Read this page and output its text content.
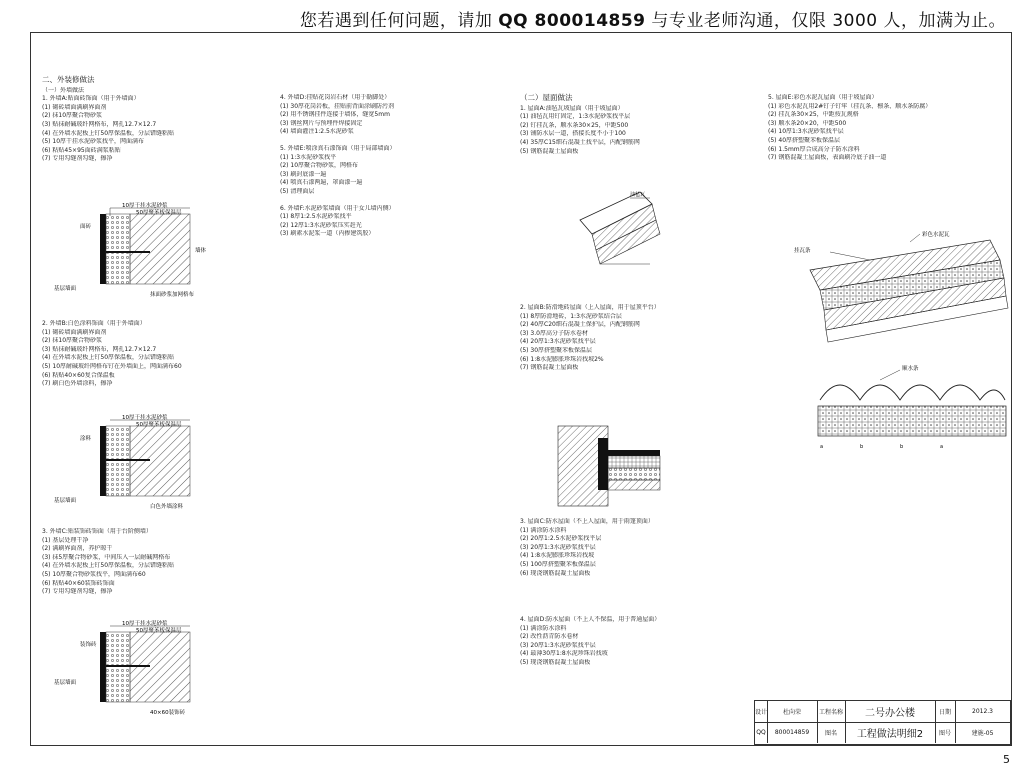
您若遇到任何问题，请加 QQ 800014859 与专业老师沟通，仅限 3000 人，加满为止。
二、外装修做法
（一）外墙做法
1. 外墙A:贴面砖饰面（用于外墙面）
(1) 砌砖墙面满刷界面剂
(2) 抹10厚聚合物砂浆
(3) 贴抹耐碱玻纤网格布，网孔12.7×12.7
(4) 在外墙水泥板上钉50厚保温板，分层错缝粘贴
(5) 10厚干挂水泥砂浆找平，网面满布
(6) 粘贴45×95面砖满浆粘贴
(7) 专用勾缝剂勾缝，擦净
2. 外墙B:白色涂料饰面（用于外墙面）
(1) 砌砖墙面满刷界面剂
(2) 抹10厚聚合物砂浆
(3) 贴抹耐碱玻纤网格布，网孔12.7×12.7
(4) 在外墙水泥板上钉50厚保温板，分层错缝粘贴
(5) 10厚耐碱玻纤网格布钉在外墙面上，网面满布60
(6) 粘贴40×60复合保温板
(7) 刷白色外墙涂料，擦净
3. 外墙C:贴装饰砖饰面（用于台阶侧墙）
(1) 基层处理干净
(2) 满刷界面剂，养护晾干
(3) 抹5厚聚合物砂浆，中间压入一层耐碱网格布
(4) 在外墙水泥板上钉50厚保温板，分层错缝粘贴
(5) 10厚聚合物砂浆找平，网面满布60
(6) 粘贴40×60装饰砖饰面
(7) 专用勾缝剂勾缝，擦净
10厚干挂水泥砂浆
50厚聚苯板保温层
抹面砂浆加网格布
面砖
基层墙面
墙体
10厚干挂水泥砂浆
50厚聚苯板保温层
白色外墙涂料
涂料
基层墙面
10厚干挂水泥砂浆
50厚聚苯板保温层
40×60装饰砖
装饰砖
基层墙面
4. 外墙D:挂贴花岗岩石材（用于勒脚处）
(1) 30厚花岗岩板，挂贴前背面涂刷防污剂
(2) 用不锈钢挂件连接于墙体，缝宽5mm
(3) 钢丝网片与预埋件焊接固定
(4) 墙面灌注1:2.5水泥砂浆
5. 外墙E:喷涂真石漆饰面（用于局部墙面）
(1) 1:3水泥砂浆找平
(2) 10厚聚合物砂浆，网格布
(3) 刷封底漆一遍
(4) 喷真石漆两遍，罩面漆一遍
(5) 清理面层
6. 外墙F:水泥砂浆墙面（用于女儿墙内侧）
(1) 8厚1:2.5水泥砂浆找平
(2) 12厚1:3水泥砂浆压实赶光
(3) 刷素水泥浆一道（内掺建筑胶）
（二）屋面做法
1. 屋面A:油毡瓦坡屋面（用于坡屋面）
(1) 油毡瓦用钉固定，1:3水泥砂浆找平层
(2) 钉挂瓦条，顺水条30×25，中距500
(3) 铺防水层一道，搭接长度不小于100
(4) 35厚C15细石混凝土找平层，内配钢筋网
(5) 钢筋混凝土屋面板
2. 屋面B:防滑地砖屋面（上人屋面，用于屋顶平台）
(1) 8厚防滑地砖，1:3水泥砂浆结合层
(2) 40厚C20细石混凝土保护层，内配钢筋网
(3) 3.0厚高分子防水卷材
(4) 20厚1:3水泥砂浆找平层
(5) 30厚挤塑聚苯板保温层
(6) 1:8水泥膨胀珍珠岩找坡2%
(7) 钢筋混凝土屋面板
3. 屋面C:防水屋面（不上人屋面，用于雨篷顶面）
(1) 满涂防水涂料
(2) 20厚1:2.5水泥砂浆找平层
(3) 20厚1:3水泥砂浆找平层
(4) 1:8水泥膨胀珍珠岩找坡
(5) 100厚挤塑聚苯板保温层
(6) 现浇钢筋混凝土屋面板
4. 屋面D:防水屋面（不上人不保温，用于普通屋面）
(1) 满涂防水涂料
(2) 改性沥青防水卷材
(3) 20厚1:3水泥砂浆找平层
(4) 最薄30厚1:8水泥珍珠岩找坡
(5) 现浇钢筋混凝土屋面板
油毡瓦
5. 屋面E:彩色水泥瓦屋面（用于坡屋面）
(1) 彩色水泥瓦用2#钉子钉牢（挂瓦条、檩条、顺水条防腐）
(2) 挂瓦条30×25，中距按瓦规格
(3) 顺水条20×20，中距500
(4) 10厚1:3水泥砂浆找平层
(5) 40厚挤塑聚苯板保温层
(6) 1.5mm厚合成高分子防水涂料
(7) 钢筋混凝土屋面板，表面刷冷底子油一道
彩色水泥瓦
挂瓦条
顺水条
a	b	b	a
设计	杜向荣	工程名称	二号办公楼	日期	2012.3
QQ	800014859	图名	工程做法明细2	图号	建施-05
5
